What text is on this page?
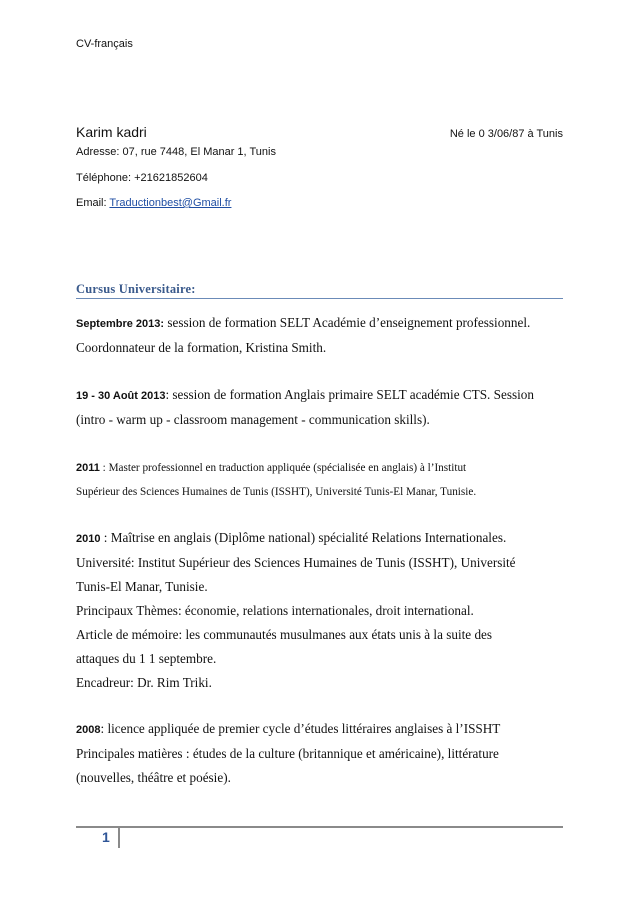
CV-français
Karim kadri	Né le 0 3/06/87 à Tunis
Adresse: 07, rue 7448, El Manar 1, Tunis
Téléphone: +21621852604
Email: Traductionbest@Gmail.fr
Cursus Universitaire:

Septembre 2013: session de formation SELT Académie d’enseignement professionnel.

Coordonnateur de la formation, Kristina Smith.

19 - 30 Août 2013: session de formation Anglais primaire SELT académie CTS. Session

(intro - warm up - classroom management - communication skills).

2011 : Master professionnel en traduction appliquée (spécialisée en anglais) à l’Institut

Supérieur des Sciences Humaines de Tunis (ISSHT), Université Tunis-El Manar, Tunisie.

2010 : Maîtrise en anglais (Diplôme national) spécialité Relations Internationales.

Université: Institut Supérieur des Sciences Humaines de Tunis (ISSHT), Université

Tunis-El Manar, Tunisie.

Principaux Thèmes: économie, relations internationales, droit international.

Article de mémoire: les communautés musulmanes aux états unis à la suite des

attaques du 1 1 septembre.

Encadreur: Dr. Rim Triki.

2008: licence appliquée de premier cycle d’études littéraires anglaises à l’ISSHT

Principales matières : études de la culture (britannique et américaine), littérature

(nouvelles, théâtre et poésie).

1
